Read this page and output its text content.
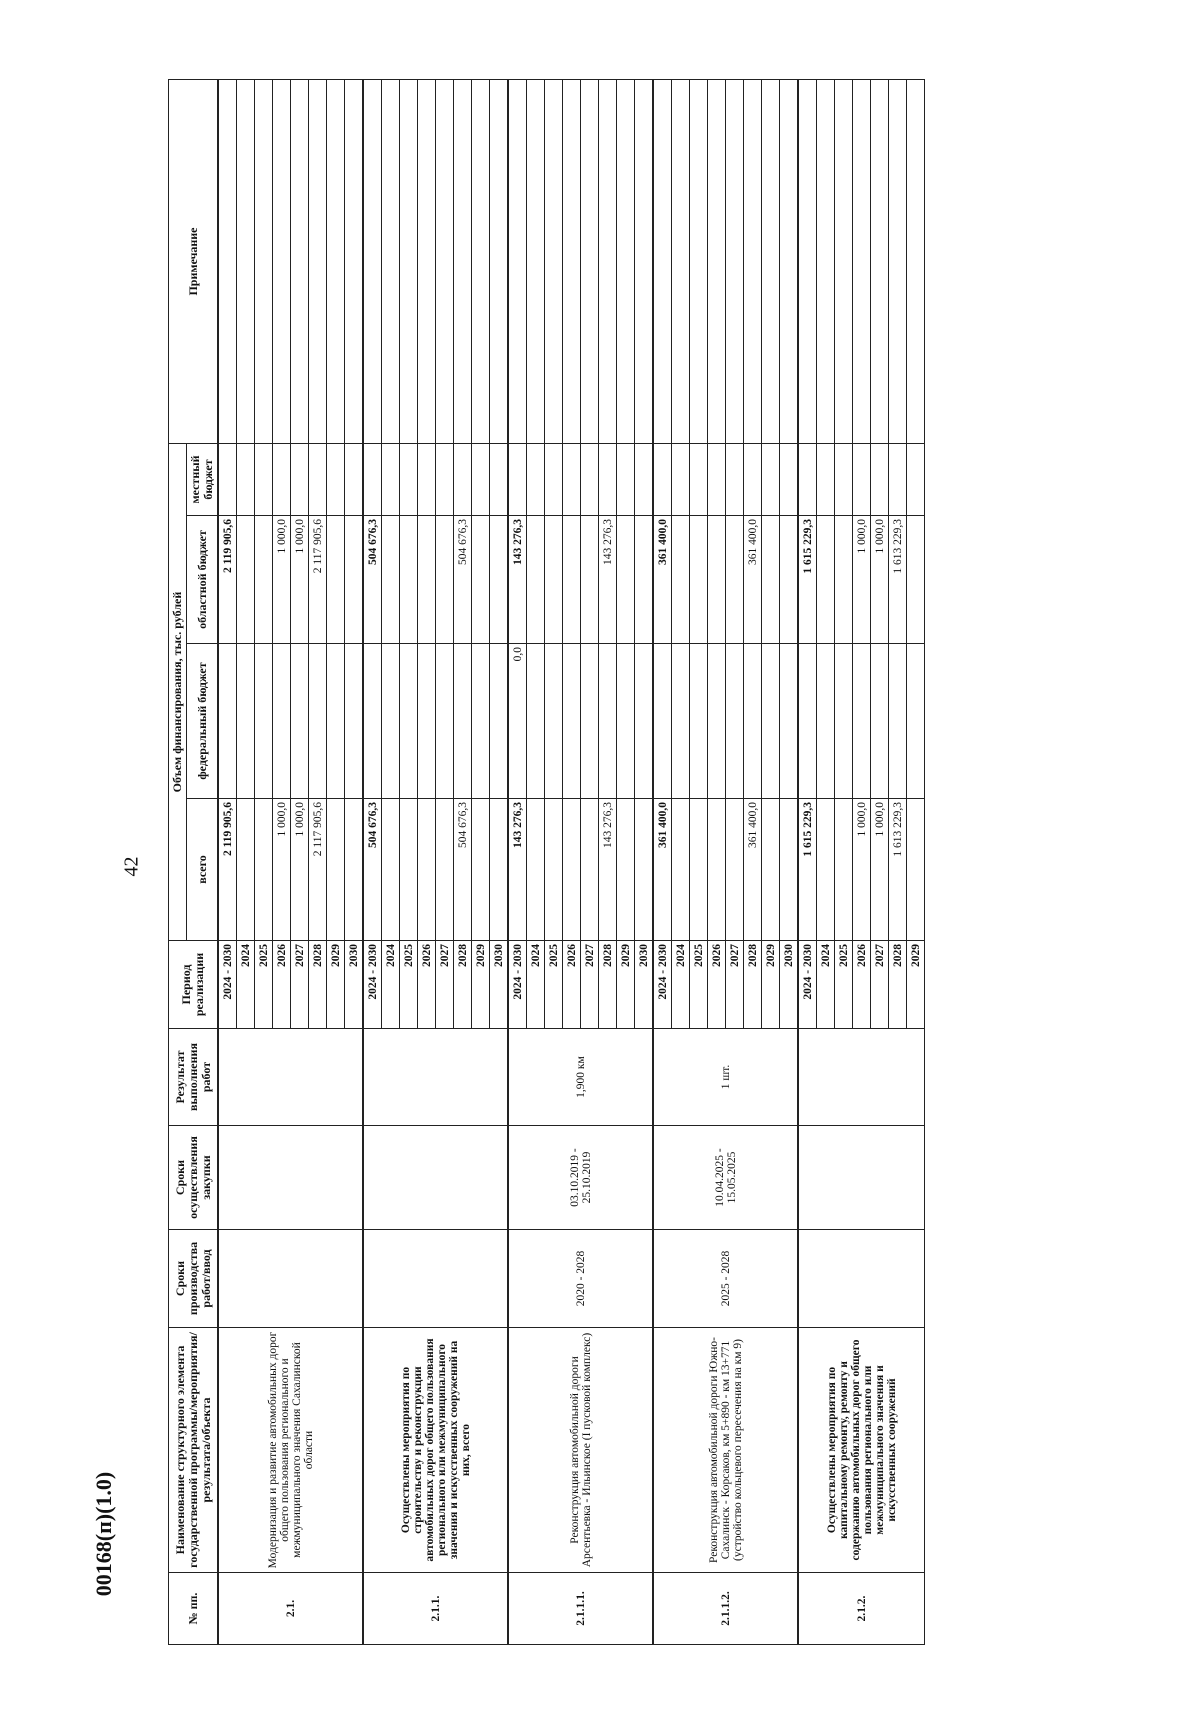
42
00168(п)(1.0)
№ пп.	Наименование структурного элемента государственной программы/мероприятия/ результата/объекта	Сроки производства работ/ввод	Сроки осуществления закупки	Результат выполнения работ	Период реализации	Объем финансирования, тыс. рублей				Примечание
						всего	федеральный бюджет	областной бюджет	местный бюджет	
2.1.	Модернизация и развитие автомобильных дорог общего пользования регионального и межмуниципального значения Сахалинской области				2024 - 2030	2 119 905,6		2 119 905,6		
					2024					
					2025					
					2026	1 000,0		1 000,0		
					2027	1 000,0		1 000,0		
					2028	2 117 905,6		2 117 905,6		
					2029					
					2030					
2.1.1.	Осуществлены мероприятия по строительству и реконструкции автомобильных дорог общего пользования регионального или межмуниципального значения и искусственных сооружений на них, всего				2024 - 2030	504 676,3		504 676,3		
					2024					
					2025					
					2026					
					2027					
					2028	504 676,3		504 676,3		
					2029					
					2030					
2.1.1.1.	Реконструкция автомобильной дороги Арсентьевка - Ильинское (I пусковой комплекс)	2020 - 2028	03.10.2019 - 25.10.2019	1,900 км	2024 - 2030	143 276,3	0,0	143 276,3		
					2024					
					2025					
					2026					
					2027					
					2028	143 276,3		143 276,3		
					2029					
					2030					
2.1.1.2.	Реконструкция автомобильной дороги Южно-Сахалинск - Корсаков, км 5+890 - км 13+771 (устройство кольцевого пересечения на км 9)	2025 - 2028	10.04.2025 - 15.05.2025	1 шт.	2024 - 2030	361 400,0		361 400,0		
					2024					
					2025					
					2026					
					2027					
					2028	361 400,0		361 400,0		
					2029					
					2030					
2.1.2.	Осуществлены мероприятия по капитальному ремонту, ремонту и содержанию автомобильных дорог общего пользования регионального или межмуниципального значения и искусственных сооружений				2024 - 2030	1 615 229,3		1 615 229,3		
					2024					
					2025					
					2026	1 000,0		1 000,0		
					2027	1 000,0		1 000,0		
					2028	1 613 229,3		1 613 229,3		
					2029					
